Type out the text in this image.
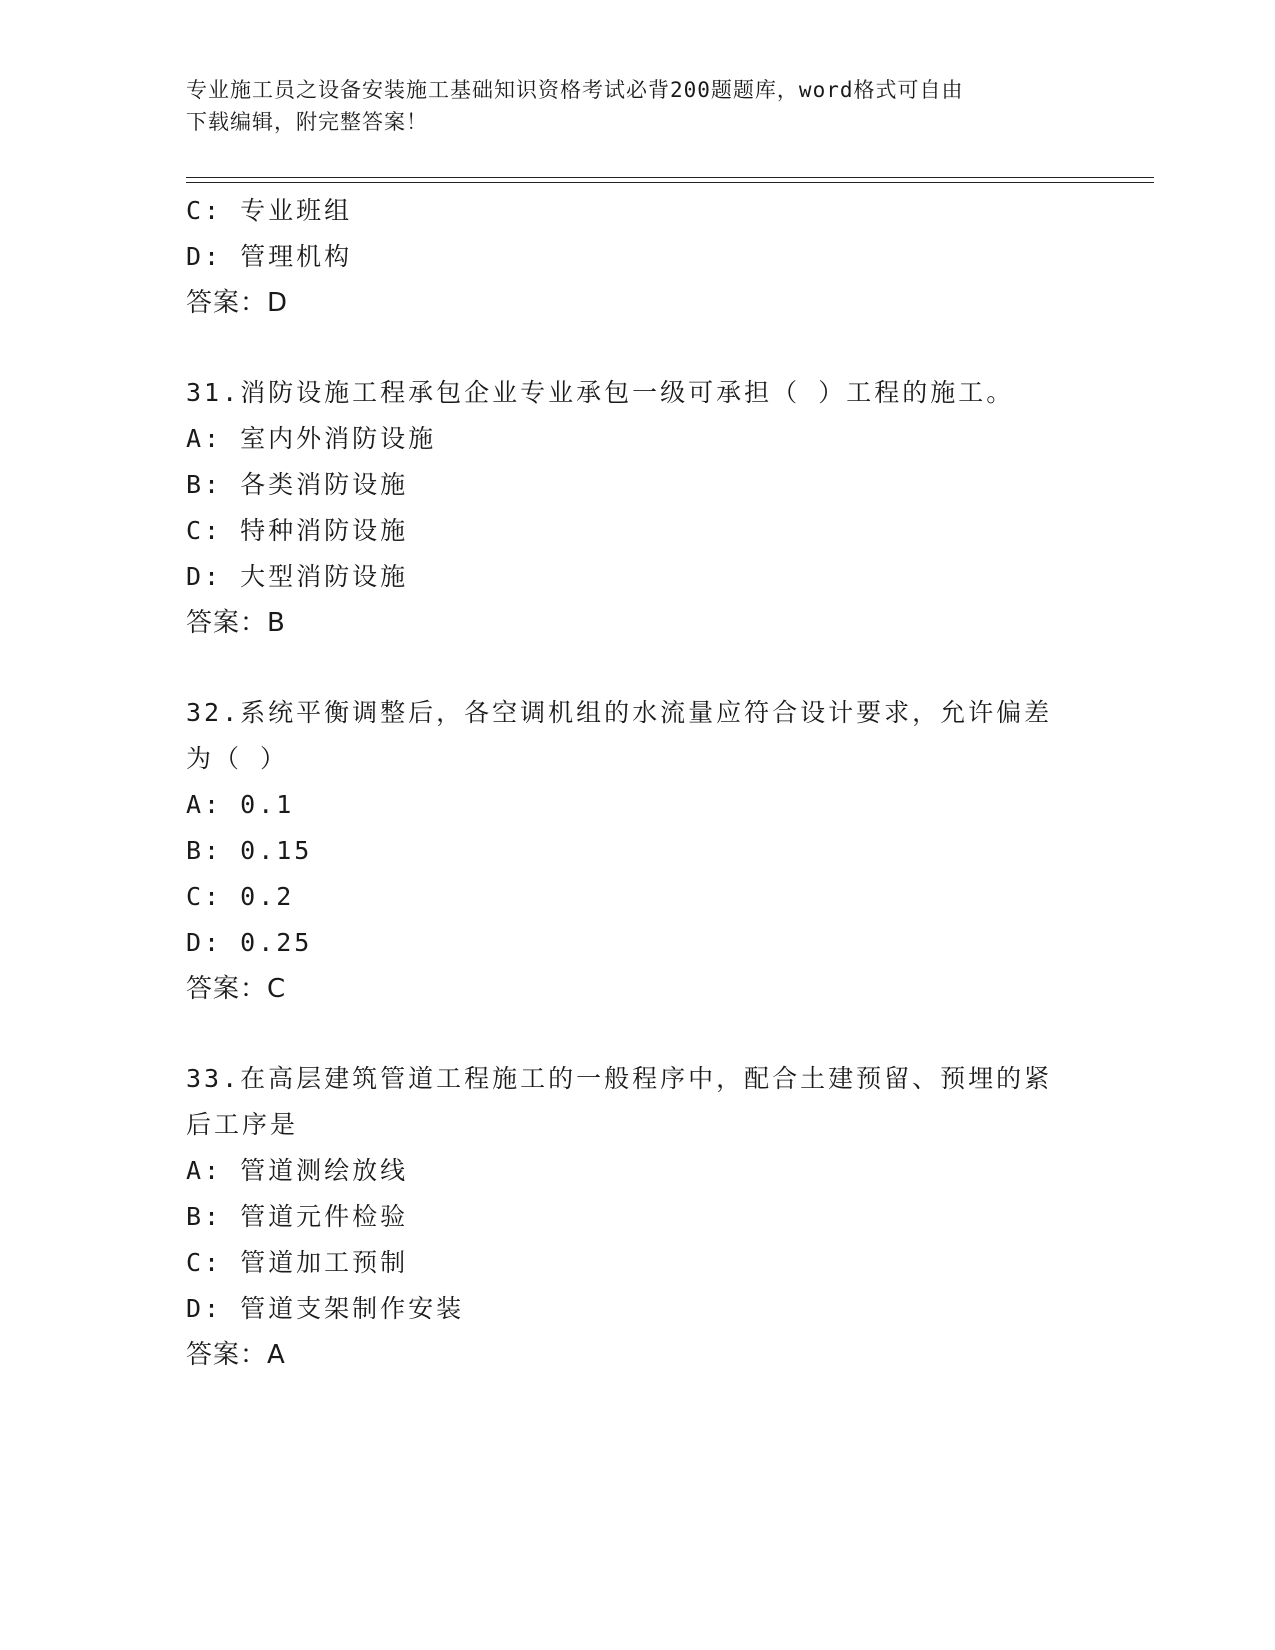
专业施工员之设备安装施工基础知识资格考试必背200题题库，word格式可自由
下载编辑，附完整答案！
C: 专业班组
D: 管理机构
答案：D
31.消防设施工程承包企业专业承包一级可承担（ ）工程的施工。
A: 室内外消防设施
B: 各类消防设施
C: 特种消防设施
D: 大型消防设施
答案：B
32.系统平衡调整后，各空调机组的水流量应符合设计要求，允许偏差
为（ ）
A: 0.1
B: 0.15
C: 0.2
D: 0.25
答案：C
33.在高层建筑管道工程施工的一般程序中，配合土建预留、预埋的紧
后工序是
A: 管道测绘放线
B: 管道元件检验
C: 管道加工预制
D: 管道支架制作安装
答案：A
